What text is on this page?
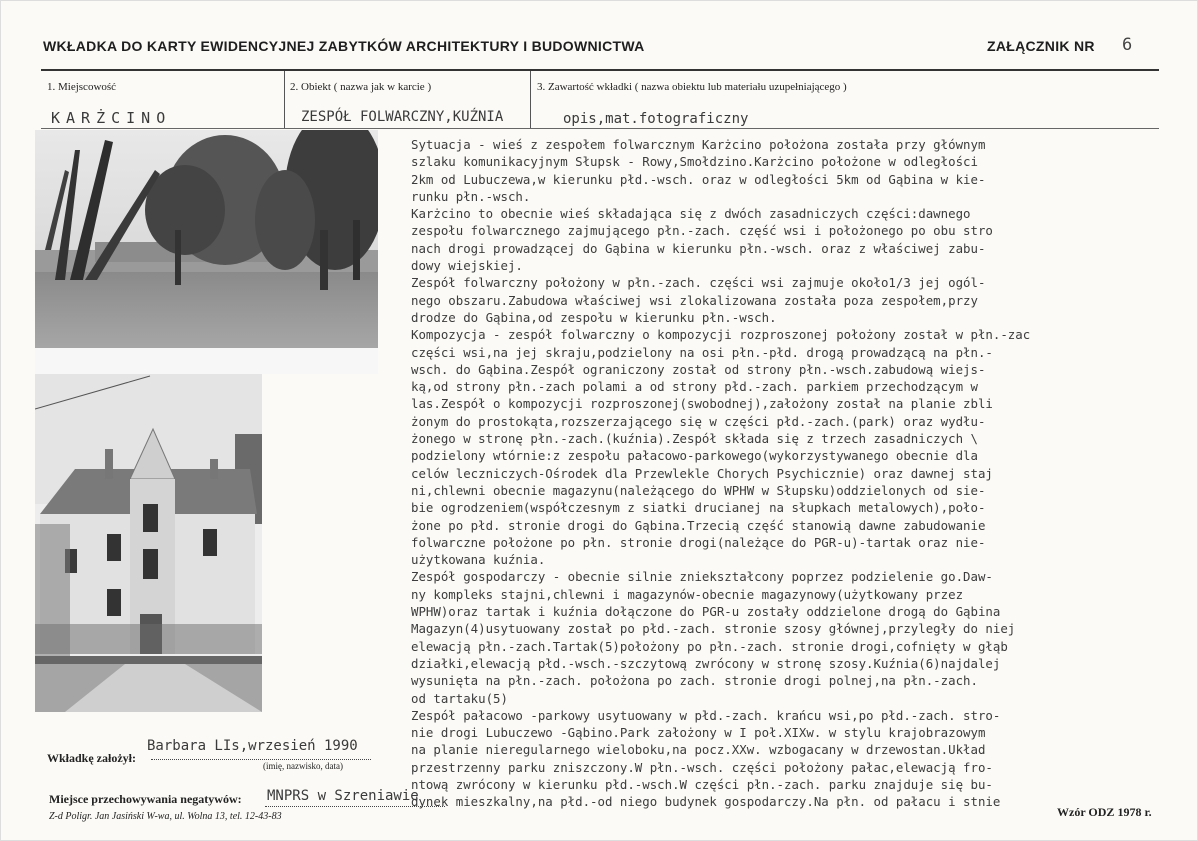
WKŁADKA DO KARTY EWIDENCYJNEJ ZABYTKÓW ARCHITEKTURY I BUDOWNICTWA	ZAŁĄCZNIK NR 6
1. Miejscowość	2. Obiekt ( nazwa jak w karcie )	3. Zawartość wkładki ( nazwa obiektu lub materiału uzupełniającego )
KARŻCINO	ZESPÓŁ FOLWARCZNY,KUŹNIA	opis,mat.fotograficzny

Sytuacja - wieś z zespołem folwarcznym Karżcino położona została przy głównym

szlaku komunikacyjnym Słupsk - Rowy,Smołdzino.Karżcino położone w odległości

2km od Lubuczewa,w kierunku płd.-wsch. oraz w odległości 5km od Gąbina w kie-

runku płn.-wsch.

Karżcino to obecnie wieś składająca się z dwóch zasadniczych części:dawnego

zespołu folwarcznego zajmującego płn.-zach. część wsi i położonego po obu stro

nach drogi prowadzącej do Gąbina w kierunku płn.-wsch. oraz z właściwej zabu-

dowy wiejskiej.

Zespół folwarczny położony w płn.-zach. części wsi zajmuje około1/3 jej ogól-

nego obszaru.Zabudowa właściwej wsi zlokalizowana została poza zespołem,przy

drodze do Gąbina,od zespołu w kierunku płn.-wsch.

Kompozycja - zespół folwarczny o kompozycji rozproszonej położony został w płn.-zac

części wsi,na jej skraju,podzielony na osi płn.-płd. drogą prowadzącą na płn.-

wsch. do Gąbina.Zespół ograniczony został od strony płn.-wsch.zabudową wiejs-

ką,od strony płn.-zach polami a od strony płd.-zach. parkiem przechodzącym w

las.Zespół o kompozycji rozproszonej(swobodnej),założony został na planie zbli

żonym do prostokąta,rozszerzającego się w części płd.-zach.(park) oraz wydłu-

żonego w stronę płn.-zach.(kuźnia).Zespół składa się z trzech zasadniczych \

podzielony wtórnie:z zespołu pałacowo-parkowego(wykorzystywanego obecnie dla

celów leczniczych-Ośrodek dla Przewlekle Chorych Psychicznie) oraz dawnej staj

ni,chlewni obecnie magazynu(należącego do WPHW w Słupsku)oddzielonych od sie-

bie ogrodzeniem(współczesnym z siatki drucianej na słupkach metalowych),poło-

żone po płd. stronie drogi do Gąbina.Trzecią część stanowią dawne zabudowanie

folwarczne położone po płn. stronie drogi(należące do PGR-u)-tartak oraz nie-

użytkowana kuźnia.

Zespół gospodarczy - obecnie silnie zniekształcony poprzez podzielenie go.Daw-

ny kompleks stajni,chlewni i magazynów-obecnie magazynowy(użytkowany przez

WPHW)oraz tartak i kuźnia dołączone do PGR-u zostały oddzielone drogą do Gąbina

Magazyn(4)usytuowany został po płd.-zach. stronie szosy głównej,przyległy do niej

elewacją płn.-zach.Tartak(5)położony po płn.-zach. stronie drogi,cofnięty w głąb

działki,elewacją płd.-wsch.-szczytową zwrócony w stronę szosy.Kuźnia(6)najdalej

wysunięta na płn.-zach. położona po zach. stronie drogi polnej,na płn.-zach.

od tartaku(5)

Zespół pałacowo -parkowy usytuowany w płd.-zach. krańcu wsi,po płd.-zach. stro-

nie drogi Lubuczewo -Gąbino.Park założony w I poł.XIXw. w stylu krajobrazowym

na planie nieregularnego wieloboku,na pocz.XXw. wzbogacany w drzewostan.Układ

przestrzenny parku zniszczony.W płn.-wsch. części położony pałac,elewacją fro-

ntową zwrócony w kierunku płd.-wsch.W części płn.-zach. parku znajduje się bu-

dynek mieszkalny,na płd.-od niego budynek gospodarczy.Na płn. od pałacu i stnie

Wkładkę założył:
Barbara LIs,wrzesień 1990
(imię, nazwisko, data)
Miejsce przechowywania negatywów: MNPRS w Szreniawie
Z-d Poligr. Jan Jasiński W-wa, ul. Wolna 13, tel. 12-43-83	Wzór ODZ 1978 r.
